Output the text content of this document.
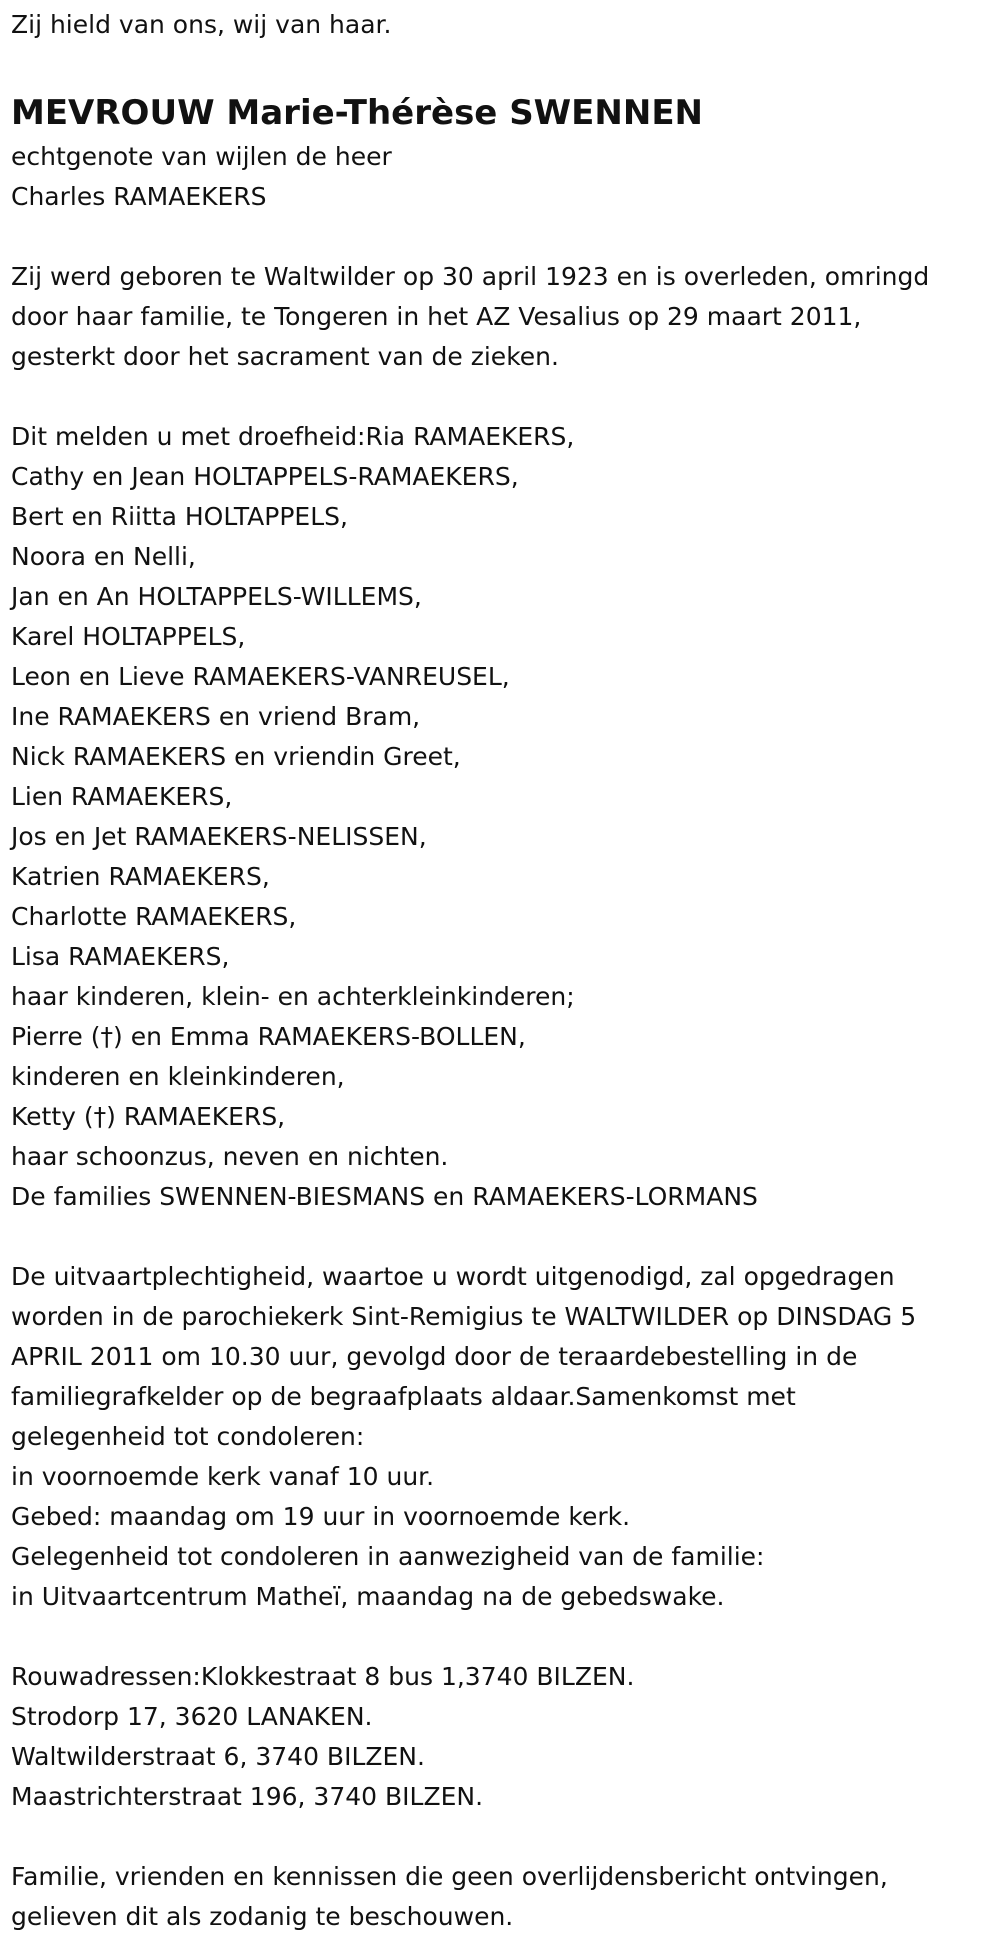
Zij hield van ons, wij van haar.
MEVROUW Marie-Thérèse SWENNEN
echtgenote van wijlen de heer
Charles RAMAEKERS
Zij werd geboren te Waltwilder op 30 april 1923 en is overleden, omringd
door haar familie, te Tongeren in het AZ Vesalius op 29 maart 2011,
gesterkt door het sacrament van de zieken.
Dit melden u met droefheid:Ria RAMAEKERS,
Cathy en Jean HOLTAPPELS-RAMAEKERS,
Bert en Riitta HOLTAPPELS,
Noora en Nelli,
Jan en An HOLTAPPELS-WILLEMS,
Karel HOLTAPPELS,
Leon en Lieve RAMAEKERS-VANREUSEL,
Ine RAMAEKERS en vriend Bram,
Nick RAMAEKERS en vriendin Greet,
Lien RAMAEKERS,
Jos en Jet RAMAEKERS-NELISSEN,
Katrien RAMAEKERS,
Charlotte RAMAEKERS,
Lisa RAMAEKERS,
haar kinderen, klein- en achterkleinkinderen;
Pierre (†) en Emma RAMAEKERS-BOLLEN,
kinderen en kleinkinderen,
Ketty (†) RAMAEKERS,
haar schoonzus, neven en nichten.
De families SWENNEN-BIESMANS en RAMAEKERS-LORMANS
De uitvaartplechtigheid, waartoe u wordt uitgenodigd, zal opgedragen
worden in de parochiekerk Sint-Remigius te WALTWILDER op DINSDAG 5
APRIL 2011 om 10.30 uur, gevolgd door de teraardebestelling in de
familiegrafkelder op de begraafplaats aldaar.Samenkomst met
gelegenheid tot condoleren:
in voornoemde kerk vanaf 10 uur.
Gebed: maandag om 19 uur in voornoemde kerk.
Gelegenheid tot condoleren in aanwezigheid van de familie:
in Uitvaartcentrum Matheï, maandag na de gebedswake.
Rouwadressen:Klokkestraat 8 bus 1,3740 BILZEN.
Strodorp 17, 3620 LANAKEN.
Waltwilderstraat 6, 3740 BILZEN.
Maastrichterstraat 196, 3740 BILZEN.
Familie, vrienden en kennissen die geen overlijdensbericht ontvingen,
gelieven dit als zodanig te beschouwen.
